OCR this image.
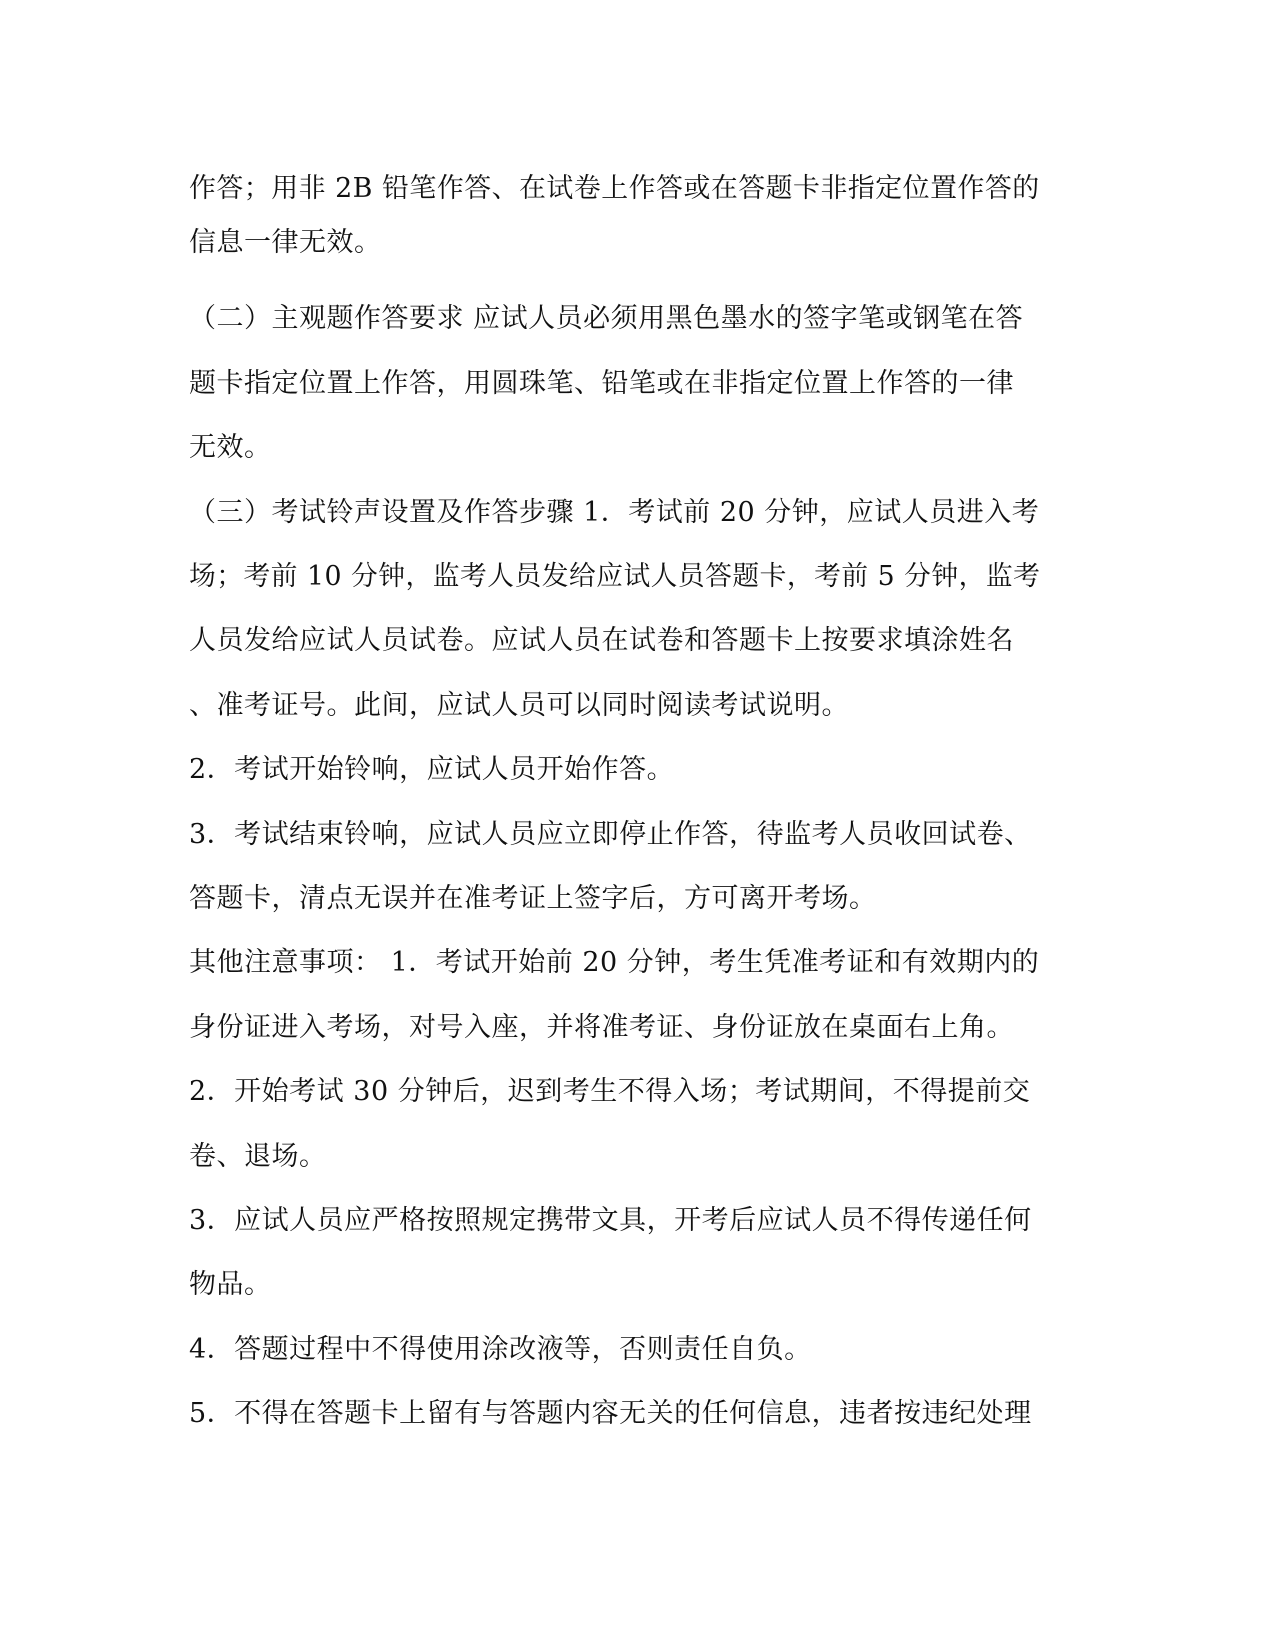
作答；用非 2B 铅笔作答、在试卷上作答或在答题卡非指定位置作答的

信息一律无效。

（二）主观题作答要求 应试人员必须用黑色墨水的签字笔或钢笔在答

题卡指定位置上作答，用圆珠笔、铅笔或在非指定位置上作答的一律

无效。

（三）考试铃声设置及作答步骤 1．考试前 20 分钟，应试人员进入考

场；考前 10 分钟，监考人员发给应试人员答题卡，考前 5 分钟，监考

人员发给应试人员试卷。应试人员在试卷和答题卡上按要求填涂姓名

、准考证号。此间，应试人员可以同时阅读考试说明。

2．考试开始铃响，应试人员开始作答。

3．考试结束铃响，应试人员应立即停止作答，待监考人员收回试卷、

答题卡，清点无误并在准考证上签字后，方可离开考场。

其他注意事项： 1．考试开始前 20 分钟，考生凭准考证和有效期内的

身份证进入考场，对号入座，并将准考证、身份证放在桌面右上角。

2．开始考试 30 分钟后，迟到考生不得入场；考试期间，不得提前交

卷、退场。

3．应试人员应严格按照规定携带文具，开考后应试人员不得传递任何

物品。

4．答题过程中不得使用涂改液等，否则责任自负。

5．不得在答题卡上留有与答题内容无关的任何信息，违者按违纪处理
